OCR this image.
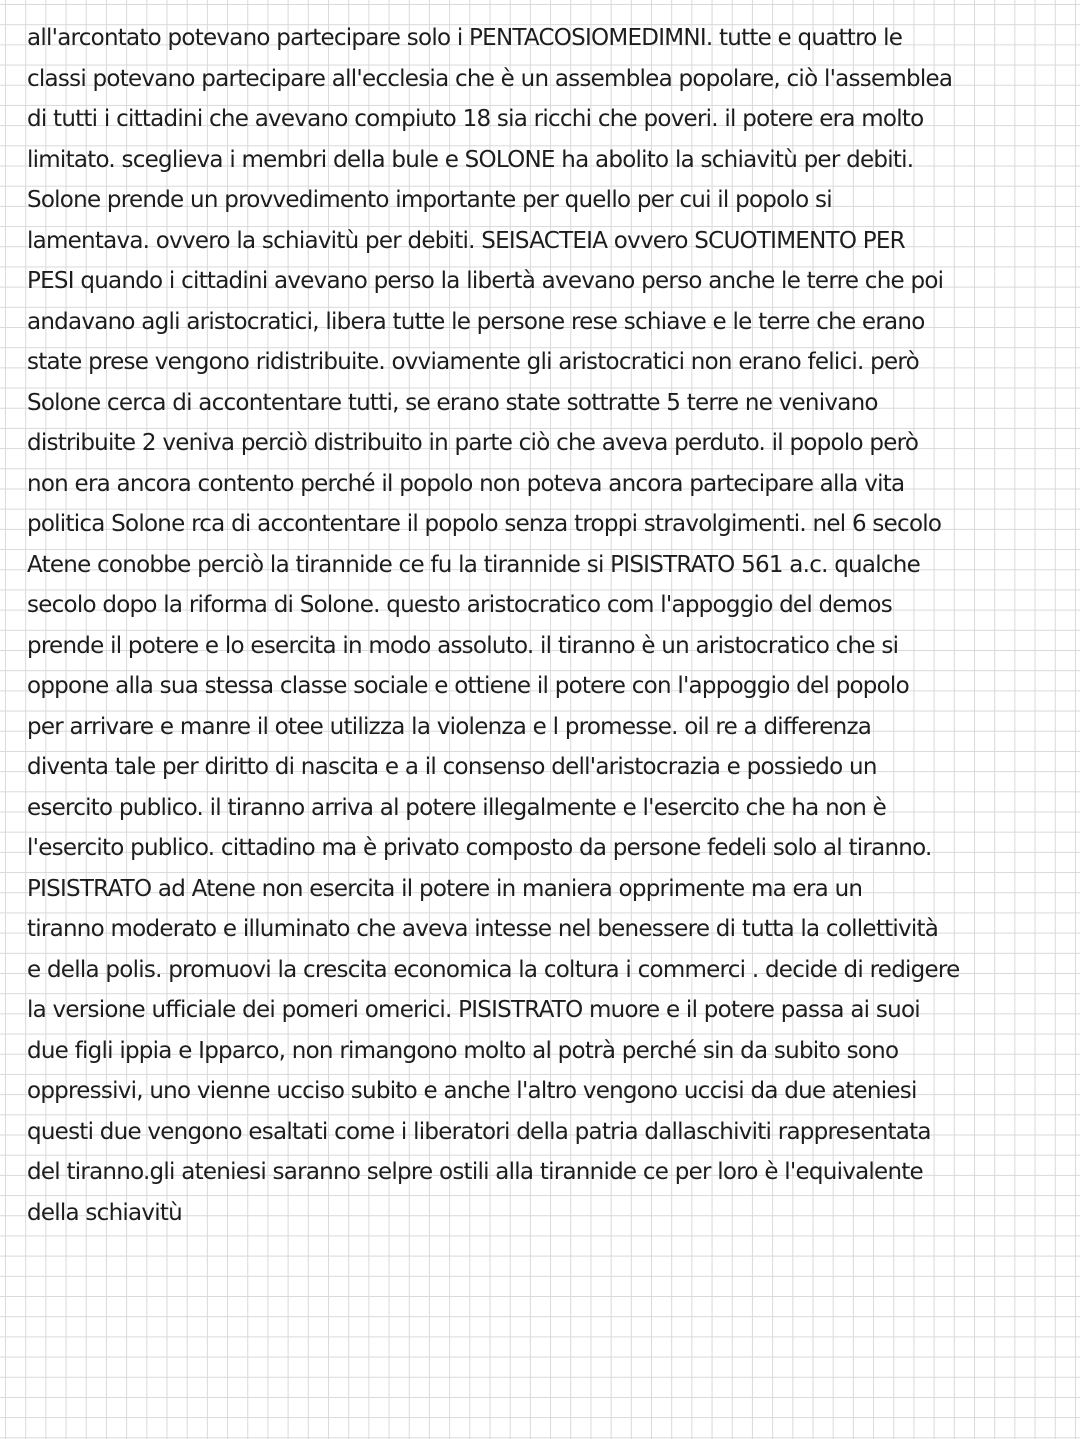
all'arcontato potevano partecipare solo i PENTACOSIOMEDIMNI. tutte e quattro le
classi potevano partecipare all'ecclesia che è un assemblea popolare, ciò l'assemblea
di tutti i cittadini che avevano compiuto 18 sia ricchi che poveri. il potere era molto
limitato. sceglieva i membri della bule e SOLONE ha abolito la schiavitù per debiti.
Solone prende un provvedimento importante per quello per cui il popolo si
lamentava. ovvero la schiavitù per debiti. SEISACTEIA ovvero SCUOTIMENTO PER
PESI quando i cittadini avevano perso la libertà avevano perso anche le terre che poi
andavano agli aristocratici, libera tutte le persone rese schiave e le terre che erano
state prese vengono ridistribuite. ovviamente gli aristocratici non erano felici. però
Solone cerca di accontentare tutti, se erano state sottratte 5 terre ne venivano
distribuite 2 veniva perciò distribuito in parte ciò che aveva perduto. il popolo però
non era ancora contento perché il popolo non poteva ancora partecipare alla vita
politica Solone rca di accontentare il popolo senza troppi stravolgimenti. nel 6 secolo
Atene conobbe perciò la tirannide ce fu la tirannide si PISISTRATO 561 a.c. qualche
secolo dopo la riforma di Solone. questo aristocratico com l'appoggio del demos
prende il potere e lo esercita in modo assoluto. il tiranno è un aristocratico che si
oppone alla sua stessa classe sociale e ottiene il potere con l'appoggio del popolo
per arrivare e manre il otee utilizza la violenza e l promesse. oil re a differenza
diventa tale per diritto di nascita e a il consenso dell'aristocrazia e possiedo un
esercito publico. il tiranno arriva al potere illegalmente e l'esercito che ha non è
l'esercito publico. cittadino ma è privato composto da persone fedeli solo al tiranno.
PISISTRATO ad Atene non esercita il potere in maniera opprimente ma era un
tiranno moderato e illuminato che aveva intesse nel benessere di tutta la collettività
e della polis. promuovi la crescita economica la coltura i commerci . decide di redigere
la versione ufficiale dei pomeri omerici. PISISTRATO muore e il potere passa ai suoi
due figli ippia e Ipparco, non rimangono molto al potrà perché sin da subito sono
oppressivi, uno vienne ucciso subito e anche l'altro vengono uccisi da due ateniesi
questi due vengono esaltati come i liberatori della patria dallaschiviti rappresentata
del tiranno.gli ateniesi saranno selpre ostili alla tirannide ce per loro è l'equivalente
della schiavitù
